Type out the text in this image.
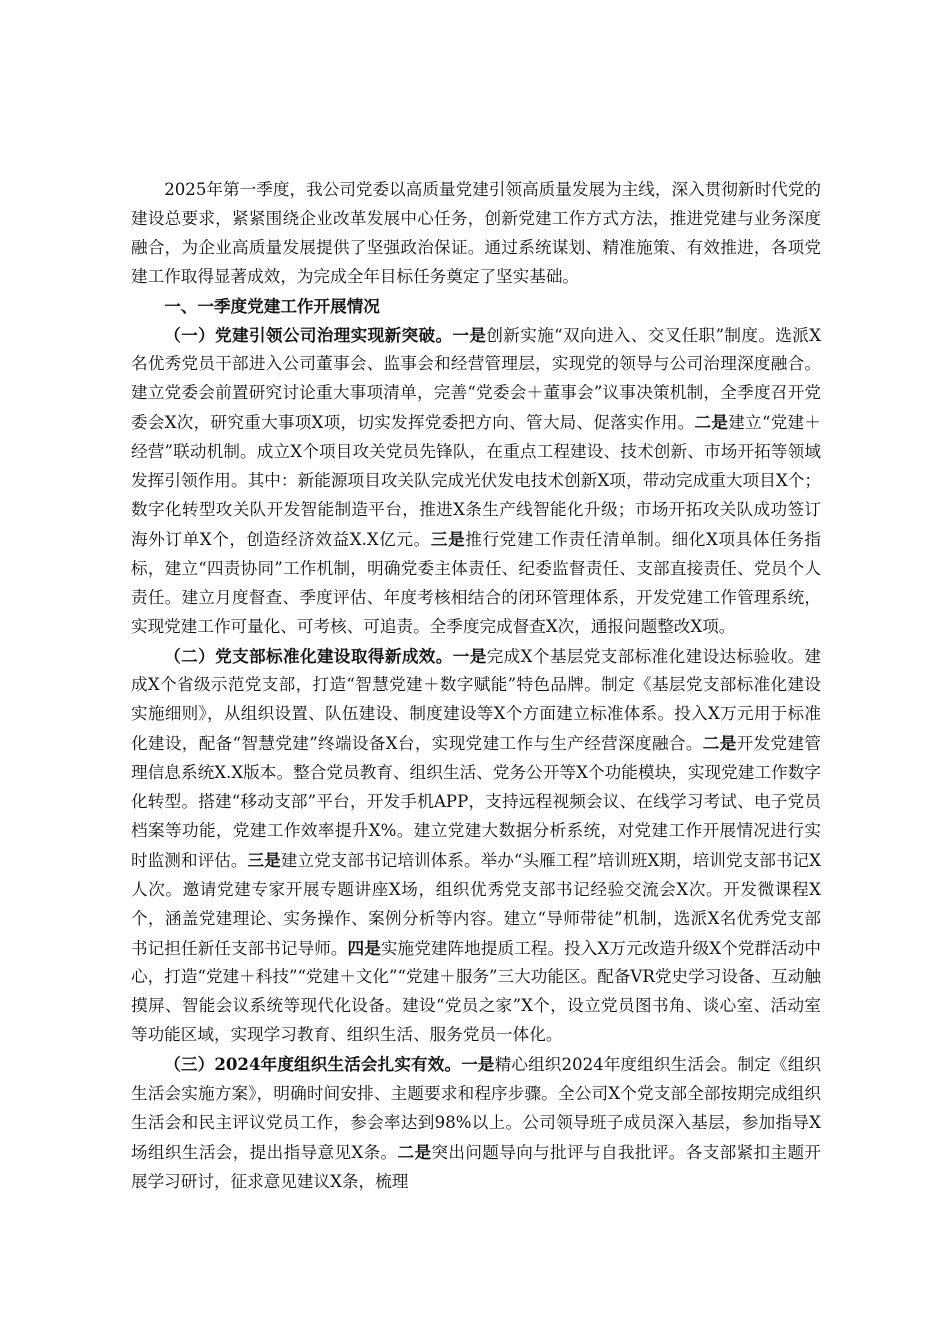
2025年第一季度，我公司党委以高质量党建引领高质量发展为主线，深入贯彻新时代党的建设总要求，紧紧围绕企业改革发展中心任务，创新党建工作方式方法，推进党建与业务深度融合，为企业高质量发展提供了坚强政治保证。通过系统谋划、精准施策、有效推进，各项党建工作取得显著成效，为完成全年目标任务奠定了坚实基础。

一、一季度党建工作开展情况

（一）党建引领公司治理实现新突破。一是创新实施“双向进入、交叉任职”制度。选派X名优秀党员干部进入公司董事会、监事会和经营管理层，实现党的领导与公司治理深度融合。建立党委会前置研究讨论重大事项清单，完善“党委会＋董事会”议事决策机制，全季度召开党委会X次，研究重大事项X项，切实发挥党委把方向、管大局、促落实作用。二是建立“党建＋经营”联动机制。成立X个项目攻关党员先锋队，在重点工程建设、技术创新、市场开拓等领域发挥引领作用。其中：新能源项目攻关队完成光伏发电技术创新X项，带动完成重大项目X个；数字化转型攻关队开发智能制造平台，推进X条生产线智能化升级；市场开拓攻关队成功签订海外订单X个，创造经济效益X.X亿元。三是推行党建工作责任清单制。细化X项具体任务指标，建立“四责协同”工作机制，明确党委主体责任、纪委监督责任、支部直接责任、党员个人责任。建立月度督查、季度评估、年度考核相结合的闭环管理体系，开发党建工作管理系统，实现党建工作可量化、可考核、可追责。全季度完成督查X次，通报问题整改X项。

（二）党支部标准化建设取得新成效。一是完成X个基层党支部标准化建设达标验收。建成X个省级示范党支部，打造“智慧党建＋数字赋能”特色品牌。制定《基层党支部标准化建设实施细则》，从组织设置、队伍建设、制度建设等X个方面建立标准体系。投入X万元用于标准化建设，配备“智慧党建”终端设备X台，实现党建工作与生产经营深度融合。二是开发党建管理信息系统X.X版本。整合党员教育、组织生活、党务公开等X个功能模块，实现党建工作数字化转型。搭建“移动支部”平台，开发手机APP，支持远程视频会议、在线学习考试、电子党员档案等功能，党建工作效率提升X%。建立党建大数据分析系统，对党建工作开展情况进行实时监测和评估。三是建立党支部书记培训体系。举办“头雁工程”培训班X期，培训党支部书记X人次。邀请党建专家开展专题讲座X场，组织优秀党支部书记经验交流会X次。开发微课程X个，涵盖党建理论、实务操作、案例分析等内容。建立“导师带徒”机制，选派X名优秀党支部书记担任新任支部书记导师。四是实施党建阵地提质工程。投入X万元改造升级X个党群活动中心，打造“党建＋科技”“党建＋文化”“党建＋服务”三大功能区。配备VR党史学习设备、互动触摸屏、智能会议系统等现代化设备。建设“党员之家”X个，设立党员图书角、谈心室、活动室等功能区域，实现学习教育、组织生活、服务党员一体化。

（三）2024年度组织生活会扎实有效。一是精心组织2024年度组织生活会。制定《组织生活会实施方案》，明确时间安排、主题要求和程序步骤。全公司X个党支部全部按期完成组织生活会和民主评议党员工作，参会率达到98%以上。公司领导班子成员深入基层，参加指导X场组织生活会，提出指导意见X条。二是突出问题导向与批评与自我批评。各支部紧扣主题开展学习研讨，征求意见建议X条，梳理
